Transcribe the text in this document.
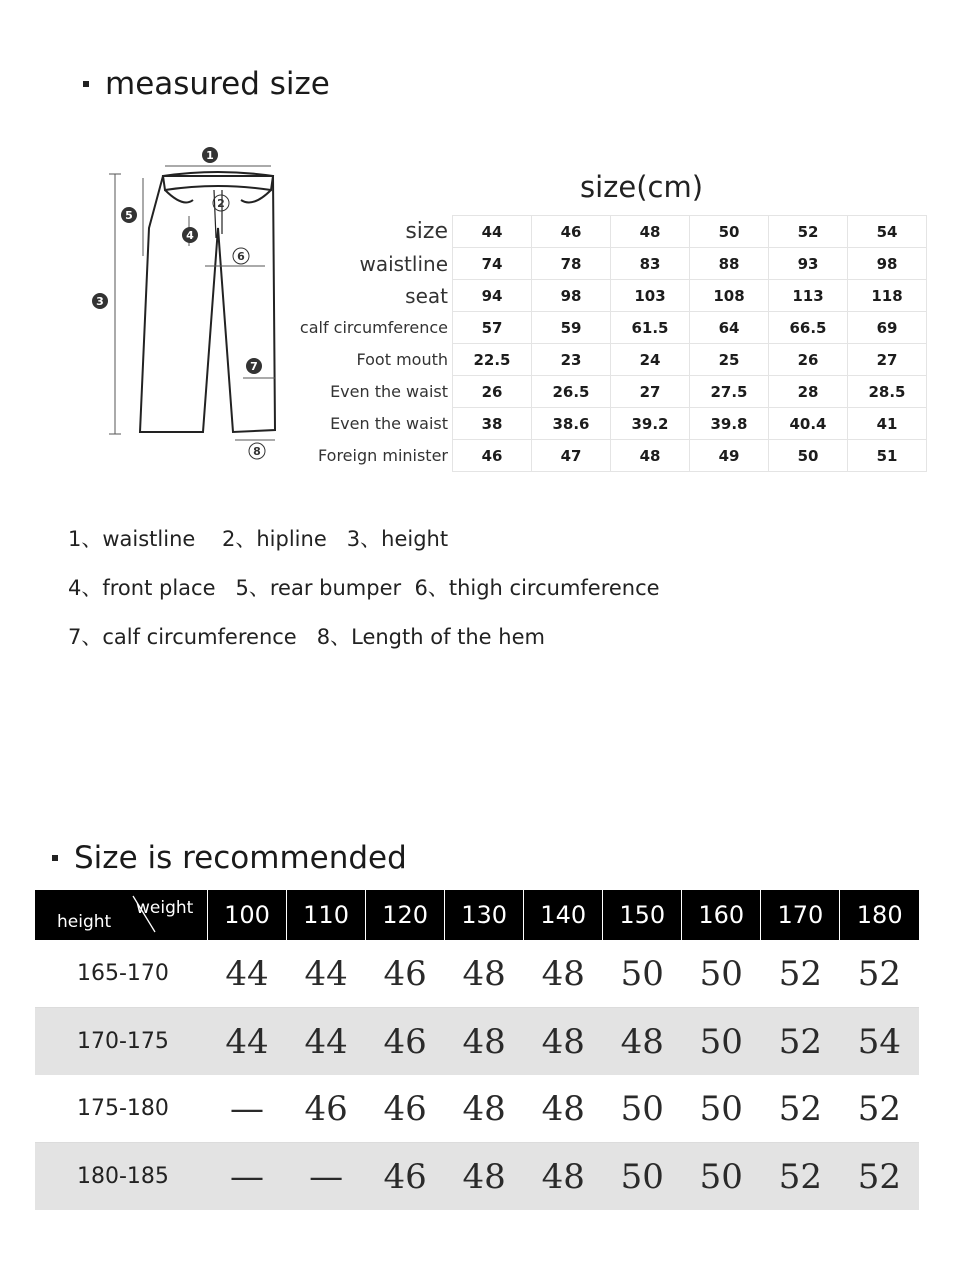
measured size
1
2
3
4
5
6
7
8
size(cm)
size	44	46	48	50	52	54
waistline	74	78	83	88	93	98
seat	94	98	103	108	113	118
calf circumference	57	59	61.5	64	66.5	69
Foot mouth	22.5	23	24	25	26	27
Even the waist	26	26.5	27	27.5	28	28.5
Even the waist	38	38.6	39.2	39.8	40.4	41
Foreign minister	46	47	48	49	50	51
1、waistline    2、hipline   3、height
4、front place   5、rear bumper  6、thigh circumference
7、calf circumference   8、Length of the hem
Size is recommended
height
weight	100	110	120	130	140	150	160	170	180
165-170	44	44	46	48	48	50	50	52	52
170-175	44	44	46	48	48	48	50	52	54
175-180	—	46	46	48	48	50	50	52	52
180-185	—	—	46	48	48	50	50	52	52
